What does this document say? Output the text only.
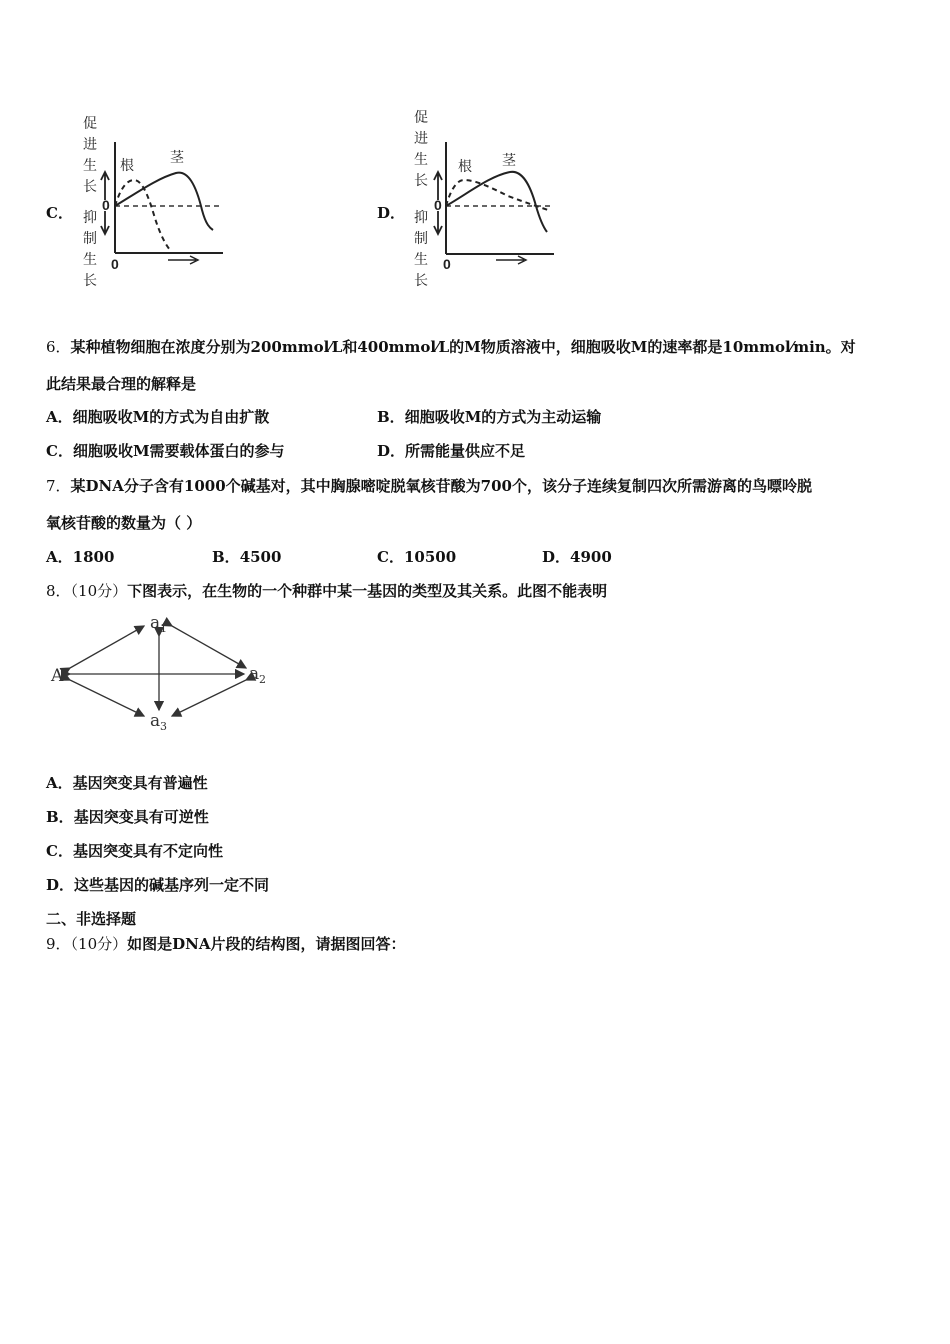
C．
促
进
生
长
抑
制
生
长
0
0
根	茎
D．
促
进
生
长
抑
制
生
长
0
0
根 茎
6．某种植物细胞在浓度分别为200mmol⁄L和400mmol⁄L的M物质溶液中，细胞吸收M的速率都是10mmol⁄min。对
此结果最合理的解释是
A．细胞吸收M的方式为自由扩散	B．细胞吸收M的方式为主动运输
C．细胞吸收M需要载体蛋白的参与	D．所需能量供应不足
7．某DNA分子含有1000个碱基对，其中胸腺嘧啶脱氧核苷酸为700个，该分子连续复制四次所需游离的鸟嘌呤脱
氧核苷酸的数量为（ ）
A．1800	B．4500	C．10500	D．4900
8．（10分）下图表示，在生物的一个种群中某一基因的类型及其关系。此图不能表明
A
a 1
a 2
a 3
A．基因突变具有普遍性
B．基因突变具有可逆性
C．基因突变具有不定向性
D．这些基因的碱基序列一定不同
二、非选择题
9．（10分）如图是DNA片段的结构图，请据图回答：
